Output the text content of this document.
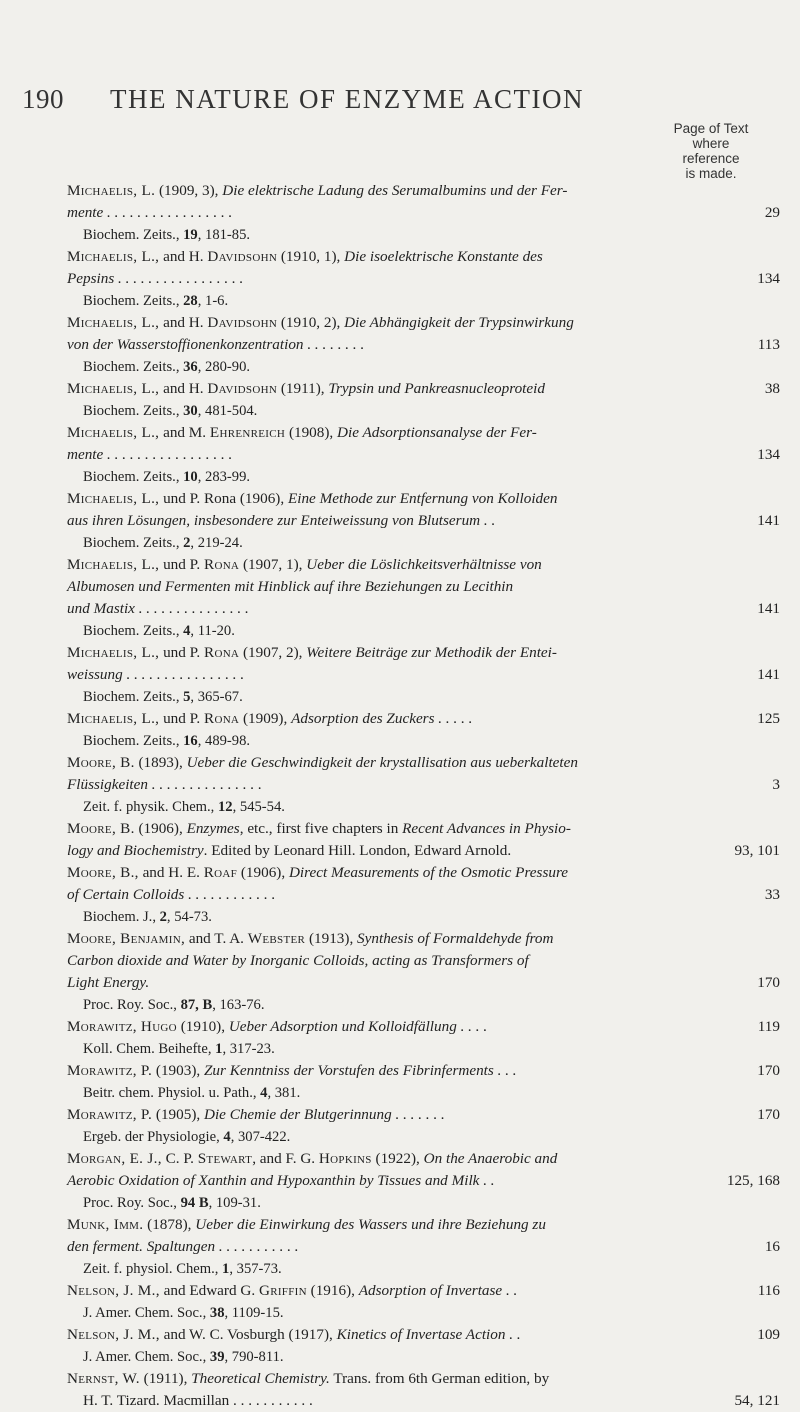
190 THE NATURE OF ENZYME ACTION
Page of Text
where
reference
is made.
Michaelis, L. (1909, 3), Die elektrische Ladung des Serumalbumins und der Fer-
mente . . . . . . . . . . . . . . . . .	29
Biochem. Zeits., 19, 181-85.
Michaelis, L., and H. Davidsohn (1910, 1), Die isoelektrische Konstante des
Pepsins . . . . . . . . . . . . . . . . .	134
Biochem. Zeits., 28, 1-6.
Michaelis, L., and H. Davidsohn (1910, 2), Die Abhängigkeit der Trypsinwirkung
von der Wasserstoffionenkonzentration . . . . . . . .	113
Biochem. Zeits., 36, 280-90.
Michaelis, L., and H. Davidsohn (1911), Trypsin und Pankreasnucleoproteid	38
Biochem. Zeits., 30, 481-504.
Michaelis, L., and M. Ehrenreich (1908), Die Adsorptionsanalyse der Fer-
mente . . . . . . . . . . . . . . . . .	134
Biochem. Zeits., 10, 283-99.
Michaelis, L., und P. Rona (1906), Eine Methode zur Entfernung von Kolloiden
aus ihren Lösungen, insbesondere zur Enteiweissung von Blutserum . .	141
Biochem. Zeits., 2, 219-24.
Michaelis, L., und P. Rona (1907, 1), Ueber die Löslichkeitsverhältnisse von
Albumosen und Fermenten mit Hinblick auf ihre Beziehungen zu Lecithin
und Mastix . . . . . . . . . . . . . . .	141
Biochem. Zeits., 4, 11-20.
Michaelis, L., und P. Rona (1907, 2), Weitere Beiträge zur Methodik der Entei-
weissung . . . . . . . . . . . . . . . .	141
Biochem. Zeits., 5, 365-67.
Michaelis, L., und P. Rona (1909), Adsorption des Zuckers . . . . .	125
Biochem. Zeits., 16, 489-98.
Moore, B. (1893), Ueber die Geschwindigkeit der krystallisation aus ueberkalteten
Flüssigkeiten . . . . . . . . . . . . . . .	3
Zeit. f. physik. Chem., 12, 545-54.
Moore, B. (1906), Enzymes, etc., first five chapters in Recent Advances in Physio-
logy and Biochemistry. Edited by Leonard Hill. London, Edward Arnold.	93, 101
Moore, B., and H. E. Roaf (1906), Direct Measurements of the Osmotic Pressure
of Certain Colloids . . . . . . . . . . . .	33
Biochem. J., 2, 54-73.
Moore, Benjamin, and T. A. Webster (1913), Synthesis of Formaldehyde from
Carbon dioxide and Water by Inorganic Colloids, acting as Transformers of
Light Energy.	170
Proc. Roy. Soc., 87, B, 163-76.
Morawitz, Hugo (1910), Ueber Adsorption und Kolloidfällung . . . .	119
Koll. Chem. Beihefte, 1, 317-23.
Morawitz, P. (1903), Zur Kenntniss der Vorstufen des Fibrinferments . . .	170
Beitr. chem. Physiol. u. Path., 4, 381.
Morawitz, P. (1905), Die Chemie der Blutgerinnung . . . . . . .	170
Ergeb. der Physiologie, 4, 307-422.
Morgan, E. J., C. P. Stewart, and F. G. Hopkins (1922), On the Anaerobic and
Aerobic Oxidation of Xanthin and Hypoxanthin by Tissues and Milk . .	125, 168
Proc. Roy. Soc., 94 B, 109-31.
Munk, Imm. (1878), Ueber die Einwirkung des Wassers und ihre Beziehung zu
den ferment. Spaltungen . . . . . . . . . . .	16
Zeit. f. physiol. Chem., 1, 357-73.
Nelson, J. M., and Edward G. Griffin (1916), Adsorption of Invertase . .	116
J. Amer. Chem. Soc., 38, 1109-15.
Nelson, J. M., and W. C. Vosburgh (1917), Kinetics of Invertase Action . .	109
J. Amer. Chem. Soc., 39, 790-811.
Nernst, W. (1911), Theoretical Chemistry. Trans. from 6th German edition, by
H. T. Tizard. Macmillan . . . . . . . . . . .	54, 121
